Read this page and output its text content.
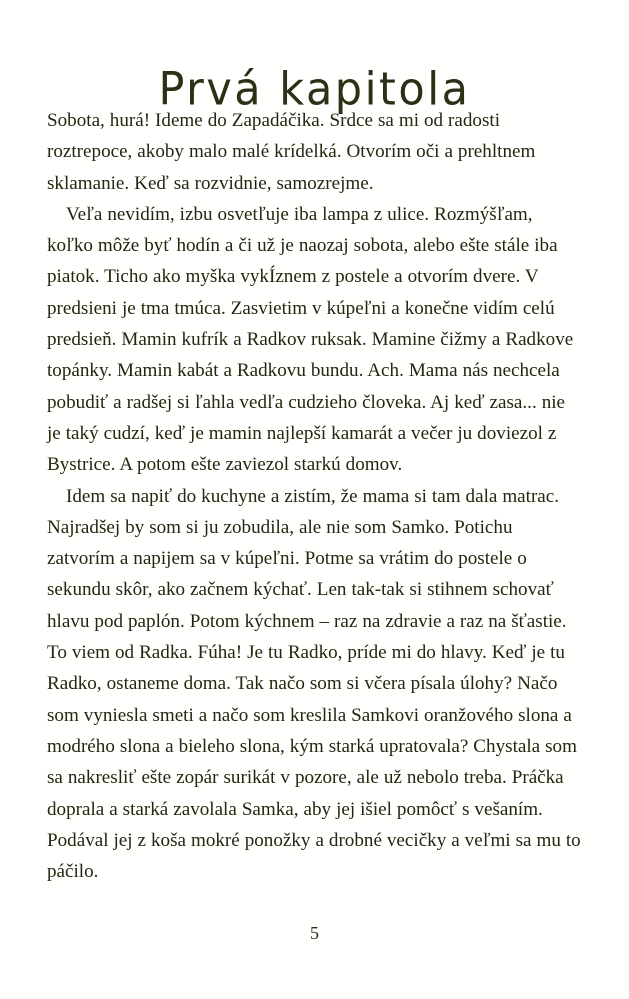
Prvá kapitola

Sobota, hurá! Ideme do Zapadáčika. Srdce sa mi od radosti roztrepoce, akoby malo malé krídelká. Otvorím oči a prehltnem sklamanie. Keď sa rozvidnie, samozrejme.

Veľa nevidím, izbu osvetľuje iba lampa z ulice. Rozmýšľam, koľko môže byť hodín a či už je naozaj sobota, alebo ešte stále iba piatok. Ticho ako myška vykÍznem z postele a otvorím dvere. V predsieni je tma tmúca. Zasvietim v kúpeľni a konečne vidím celú predsieň. Mamin kufrík a Radkov ruksak. Mamine čižmy a Radkove topánky. Mamin kabát a Radkovu bundu. Ach. Mama nás nechcela pobudiť a radšej si ľahla vedľa cudzieho človeka. Aj keď zasa... nie je taký cudzí, keď je mamin najlepší kamarát a večer ju doviezol z Bystrice. A potom ešte zaviezol starkú domov.

Idem sa napiť do kuchyne a zistím, že mama si tam dala matrac. Najradšej by som si ju zobudila, ale nie som Samko. Potichu zatvorím a napijem sa v kúpeľni. Potme sa vrátim do postele o sekundu skôr, ako začnem kýchať. Len tak-tak si stihnem schovať hlavu pod paplón. Potom kýchnem – raz na zdravie a raz na šťastie. To viem od Radka. Fúha! Je tu Radko, príde mi do hlavy. Keď je tu Radko, ostaneme doma. Tak načo som si včera písala úlohy? Načo som vyniesla smeti a načo som kreslila Samkovi oranžového slona a modrého slona a bieleho slona, kým starká upratovala? Chystala som sa nakresliť ešte zopár surikát v pozore, ale už nebolo treba. Práčka doprala a starká zavolala Samka, aby jej išiel pomôcť s vešaním. Podával jej z koša mokré ponožky a drobné vecičky a veľmi sa mu to páčilo.

5
